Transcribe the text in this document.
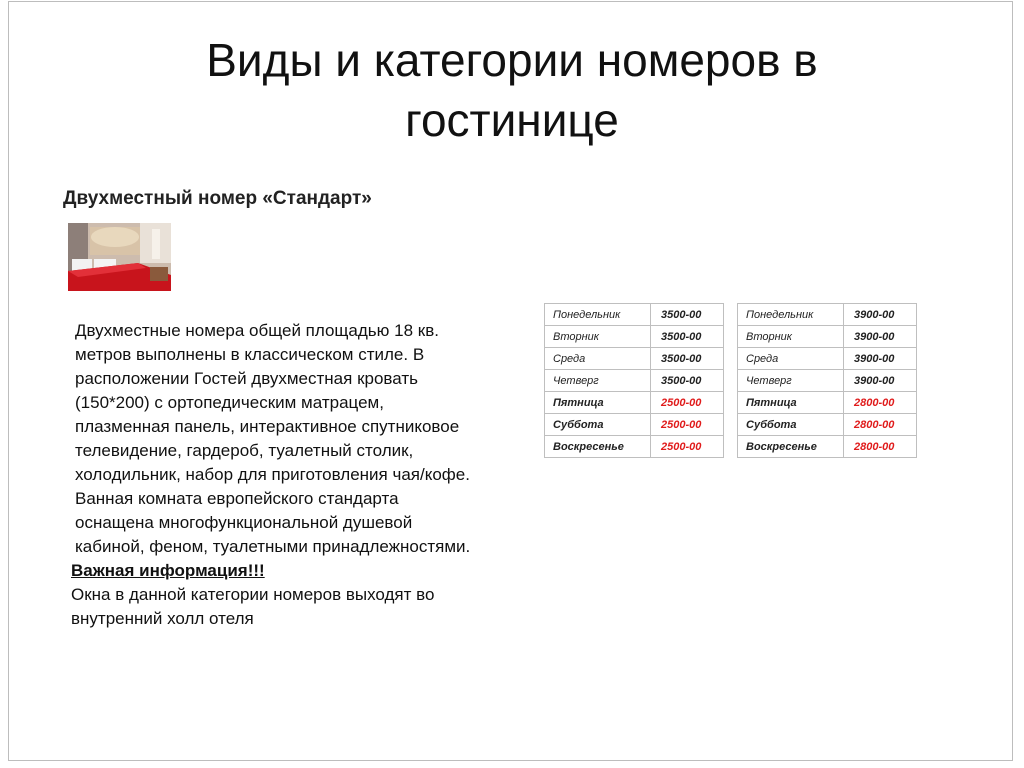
Виды и категории номеров в
гостинице
Двухместный номер «Стандарт»

Двухместные номера общей площадью 18 кв. метров выполнены в классическом стиле. В расположении Гостей двухместная кровать (150*200) с ортопедическим матрацем, плазменная панель, интерактивное спутниковое телевидение, гардероб, туалетный столик, холодильник, набор для приготовления чая/кофе. Ванная комната европейского стандарта оснащена многофункциональной душевой кабиной, феном, туалетными принадлежностями.

Важная информация!!!

Окна в данной категории номеров выходят во внутренний холл отеля

Понедельник	3500-00
Вторник	3500-00
Среда	3500-00
Четверг	3500-00
Пятница	2500-00
Суббота	2500-00
Воскресенье	2500-00
Понедельник	3900-00
Вторник	3900-00
Среда	3900-00
Четверг	3900-00
Пятница	2800-00
Суббота	2800-00
Воскресенье	2800-00
